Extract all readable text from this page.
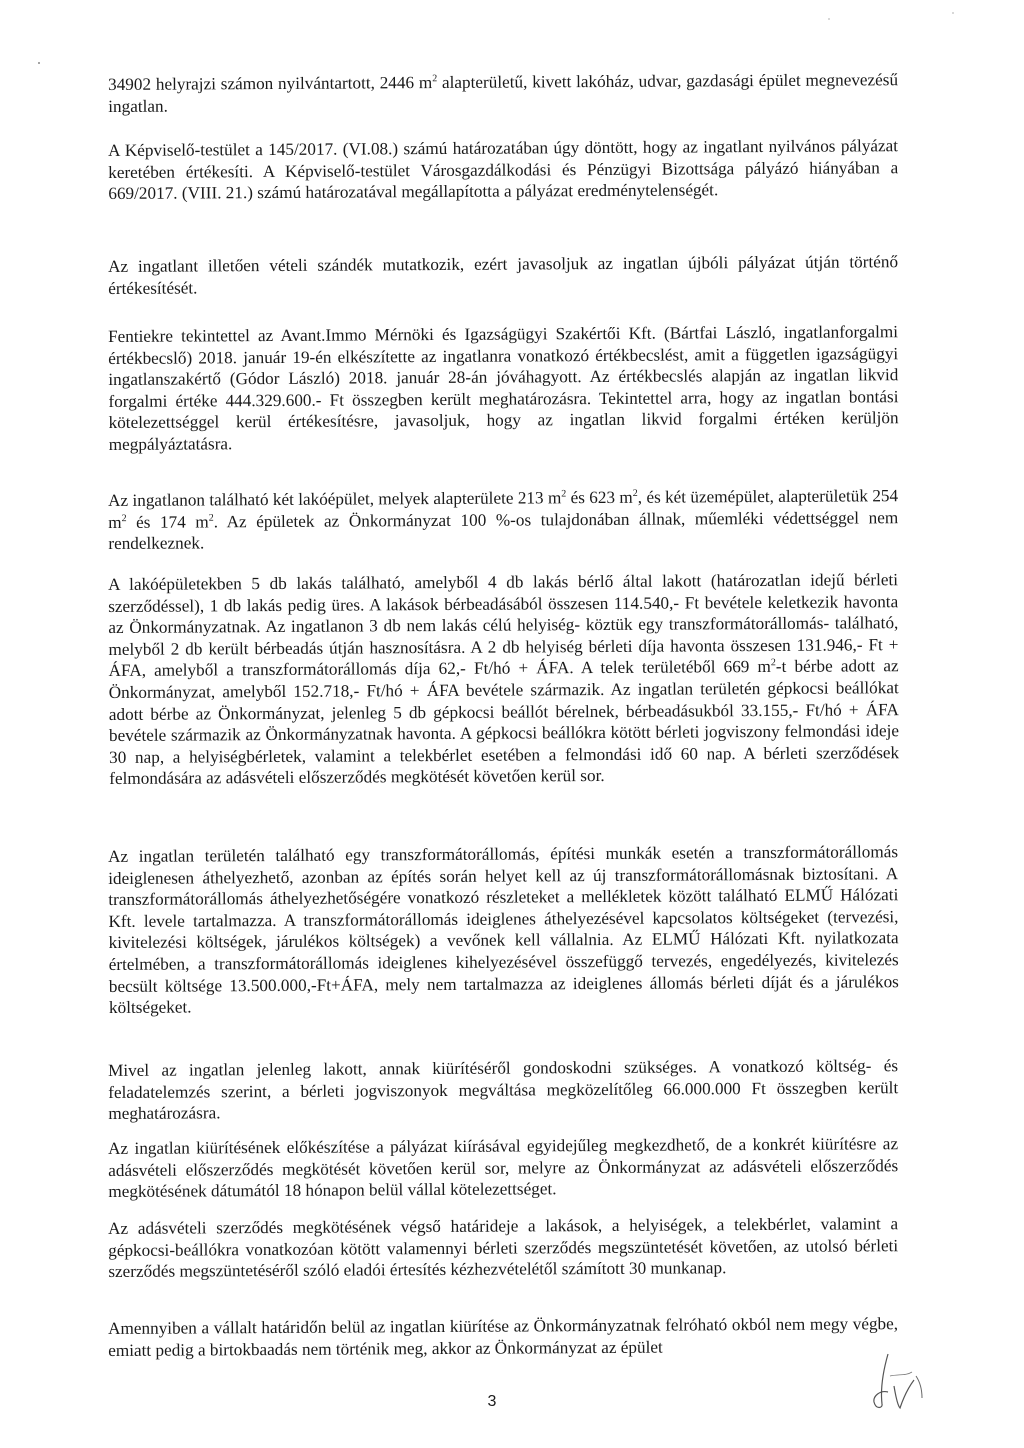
34902 helyrajzi számon nyilvántartott, 2446 $m^2$ alapterületű, kivett lakóház, udvar, gazdasági épület megnevezésű ingatlan.

A Képviselő-testület a 145/2017. (VI.08.) számú határozatában úgy döntött, hogy az ingatlant nyilvános pályázat keretében értékesíti. A Képviselő-testület Városgazdálkodási és Pénzügyi Bizottsága pályázó hiányában a 669/2017. (VIII. 21.) számú határozatával megállapította a pályázat eredménytelenségét.

Az ingatlant illetően vételi szándék mutatkozik, ezért javasoljuk az ingatlan újbóli pályázat útján történő értékesítését.

Fentiekre tekintettel az Avant.Immo Mérnöki és Igazságügyi Szakértői Kft. (Bártfai László, ingatlanforgalmi értékbecslő) 2018. január 19-én elkészítette az ingatlanra vonatkozó értékbecslést, amit a független igazságügyi ingatlanszakértő (Gódor László) 2018. január 28-án jóváhagyott. Az értékbecslés alapján az ingatlan likvid forgalmi értéke 444.329.600.- Ft összegben került meghatározásra. Tekintettel arra, hogy az ingatlan bontási kötelezettséggel kerül értékesítésre, javasoljuk, hogy az ingatlan likvid forgalmi értéken kerüljön megpályáztatásra.

Az ingatlanon található két lakóépület, melyek alapterülete 213 $m^2$ és 623 $m^2$, és két üzemépület, alapterületük 254 $m^2$ és 174 $m^2$. Az épületek az Önkormányzat 100 %-os tulajdonában állnak, műemléki védettséggel nem rendelkeznek.

A lakóépületekben 5 db lakás található, amelyből 4 db lakás bérlő által lakott (határozatlan idejű bérleti szerződéssel), 1 db lakás pedig üres. A lakások bérbeadásából összesen 114.540,- Ft bevétele keletkezik havonta az Önkormányzatnak. Az ingatlanon 3 db nem lakás célú helyiség- köztük egy transzformátorállomás- található, melyből 2 db került bérbeadás útján hasznosításra. A 2 db helyiség bérleti díja havonta összesen 131.946,- Ft + ÁFA, amelyből a transzformátorállomás díja 62,- Ft/hó + ÁFA. A telek területéből 669 $m^2-t$ bérbe adott az Önkormányzat, amelyből 152.718,- Ft/hó + ÁFA bevétele származik. Az ingatlan területén gépkocsi beállókat adott bérbe az Önkormányzat, jelenleg 5 db gépkocsi beállót bérelnek, bérbeadásukból 33.155,- Ft/hó + ÁFA bevétele származik az Önkormányzatnak havonta. A gépkocsi beállókra kötött bérleti jogviszony felmondási ideje 30 nap, a helyiségbérletek, valamint a telekbérlet esetében a felmondási idő 60 nap. A bérleti szerződések felmondására az adásvételi előszerződés megkötését követően kerül sor.

Az ingatlan területén található egy transzformátorállomás, építési munkák esetén a transzformátorállomás ideiglenesen áthelyezhető, azonban az építés során helyet kell az új transzformátorállomásnak biztosítani. A transzformátorállomás áthelyezhetőségére vonatkozó részleteket a mellékletek között található ELMŰ Hálózati Kft. levele tartalmazza. A transzformátorállomás ideiglenes áthelyezésével kapcsolatos költségeket (tervezési, kivitelezési költségek, járulékos költségek) a vevőnek kell vállalnia. Az ELMŰ Hálózati Kft. nyilatkozata értelmében, a transzformátorállomás ideiglenes kihelyezésével összefüggő tervezés, engedélyezés, kivitelezés becsült költsége 13.500.000,-Ft+ÁFA, mely nem tartalmazza az ideiglenes állomás bérleti díját és a járulékos költségeket.

Mivel az ingatlan jelenleg lakott, annak kiürítéséről gondoskodni szükséges. A vonatkozó költség- és feladatelemzés szerint, a bérleti jogviszonyok megváltása megközelítőleg 66.000.000 Ft összegben került meghatározásra.

Az ingatlan kiürítésének előkészítése a pályázat kiírásával egyidejűleg megkezdhető, de a konkrét kiürítésre az adásvételi előszerződés megkötését követően kerül sor, melyre az Önkormányzat az adásvételi előszerződés megkötésének dátumától 18 hónapon belül vállal kötelezettséget.

Az adásvételi szerződés megkötésének végső határideje a lakások, a helyiségek, a telekbérlet, valamint a gépkocsi-beállókra vonatkozóan kötött valamennyi bérleti szerződés megszüntetését követően, az utolsó bérleti szerződés megszüntetéséről szóló eladói értesítés kézhezvételétől számított 30 munkanap.

Amennyiben a vállalt határidőn belül az ingatlan kiürítése az Önkormányzatnak felróható okból nem megy végbe, emiatt pedig a birtokbaadás nem történik meg, akkor az Önkormányzat az épület

3
